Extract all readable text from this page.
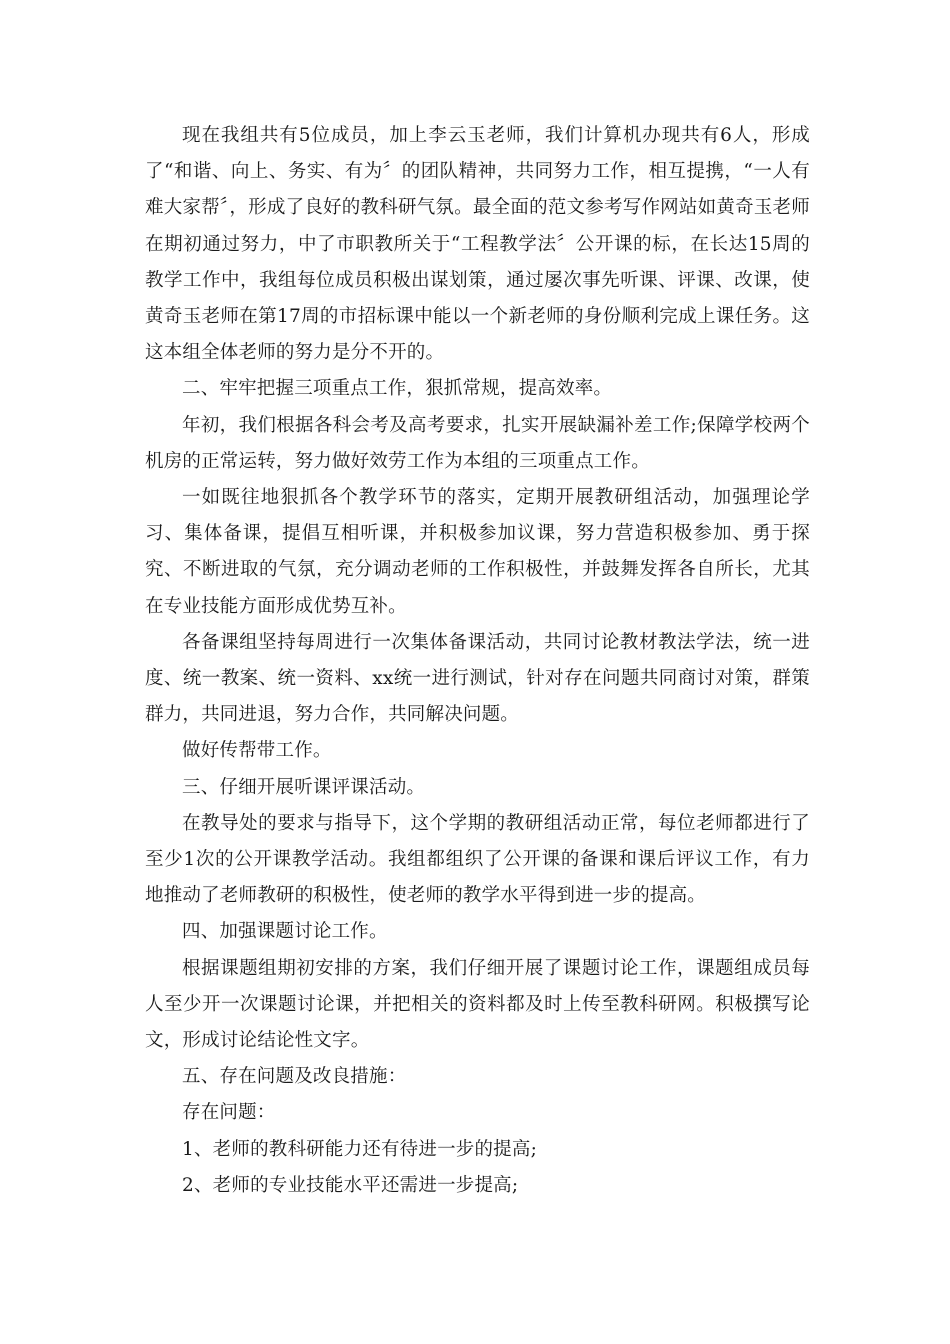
现在我组共有5位成员，加上李云玉老师，我们计算机办现共有6人，形成了“和谐、向上、务实、有为〞的团队精神，共同努力工作，相互提携，“一人有难大家帮〞，形成了良好的教科研气氛。最全面的范文参考写作网站如黄奇玉老师在期初通过努力，中了市职教所关于“工程教学法〞公开课的标，在长达15周的教学工作中，我组每位成员积极出谋划策，通过屡次事先听课、评课、改课，使黄奇玉老师在第17周的市招标课中能以一个新老师的身份顺利完成上课任务。这这本组全体老师的努力是分不开的。

二、牢牢把握三项重点工作，狠抓常规，提高效率。

年初，我们根据各科会考及高考要求，扎实开展缺漏补差工作;保障学校两个机房的正常运转，努力做好效劳工作为本组的三项重点工作。

一如既往地狠抓各个教学环节的落实，定期开展教研组活动，加强理论学习、集体备课，提倡互相听课，并积极参加议课，努力营造积极参加、勇于探究、不断进取的气氛，充分调动老师的工作积极性，并鼓舞发挥各自所长，尤其在专业技能方面形成优势互补。

各备课组坚持每周进行一次集体备课活动，共同讨论教材教法学法，统一进度、统一教案、统一资料、xx统一进行测试，针对存在问题共同商讨对策，群策群力，共同进退，努力合作，共同解决问题。

做好传帮带工作。

三、仔细开展听课评课活动。

在教导处的要求与指导下，这个学期的教研组活动正常，每位老师都进行了至少1次的公开课教学活动。我组都组织了公开课的备课和课后评议工作，有力地推动了老师教研的积极性，使老师的教学水平得到进一步的提高。

四、加强课题讨论工作。

根据课题组期初安排的方案，我们仔细开展了课题讨论工作，课题组成员每人至少开一次课题讨论课，并把相关的资料都及时上传至教科研网。积极撰写论文，形成讨论结论性文字。

五、存在问题及改良措施：

存在问题：

1、老师的教科研能力还有待进一步的提高;

2、老师的专业技能水平还需进一步提高;
